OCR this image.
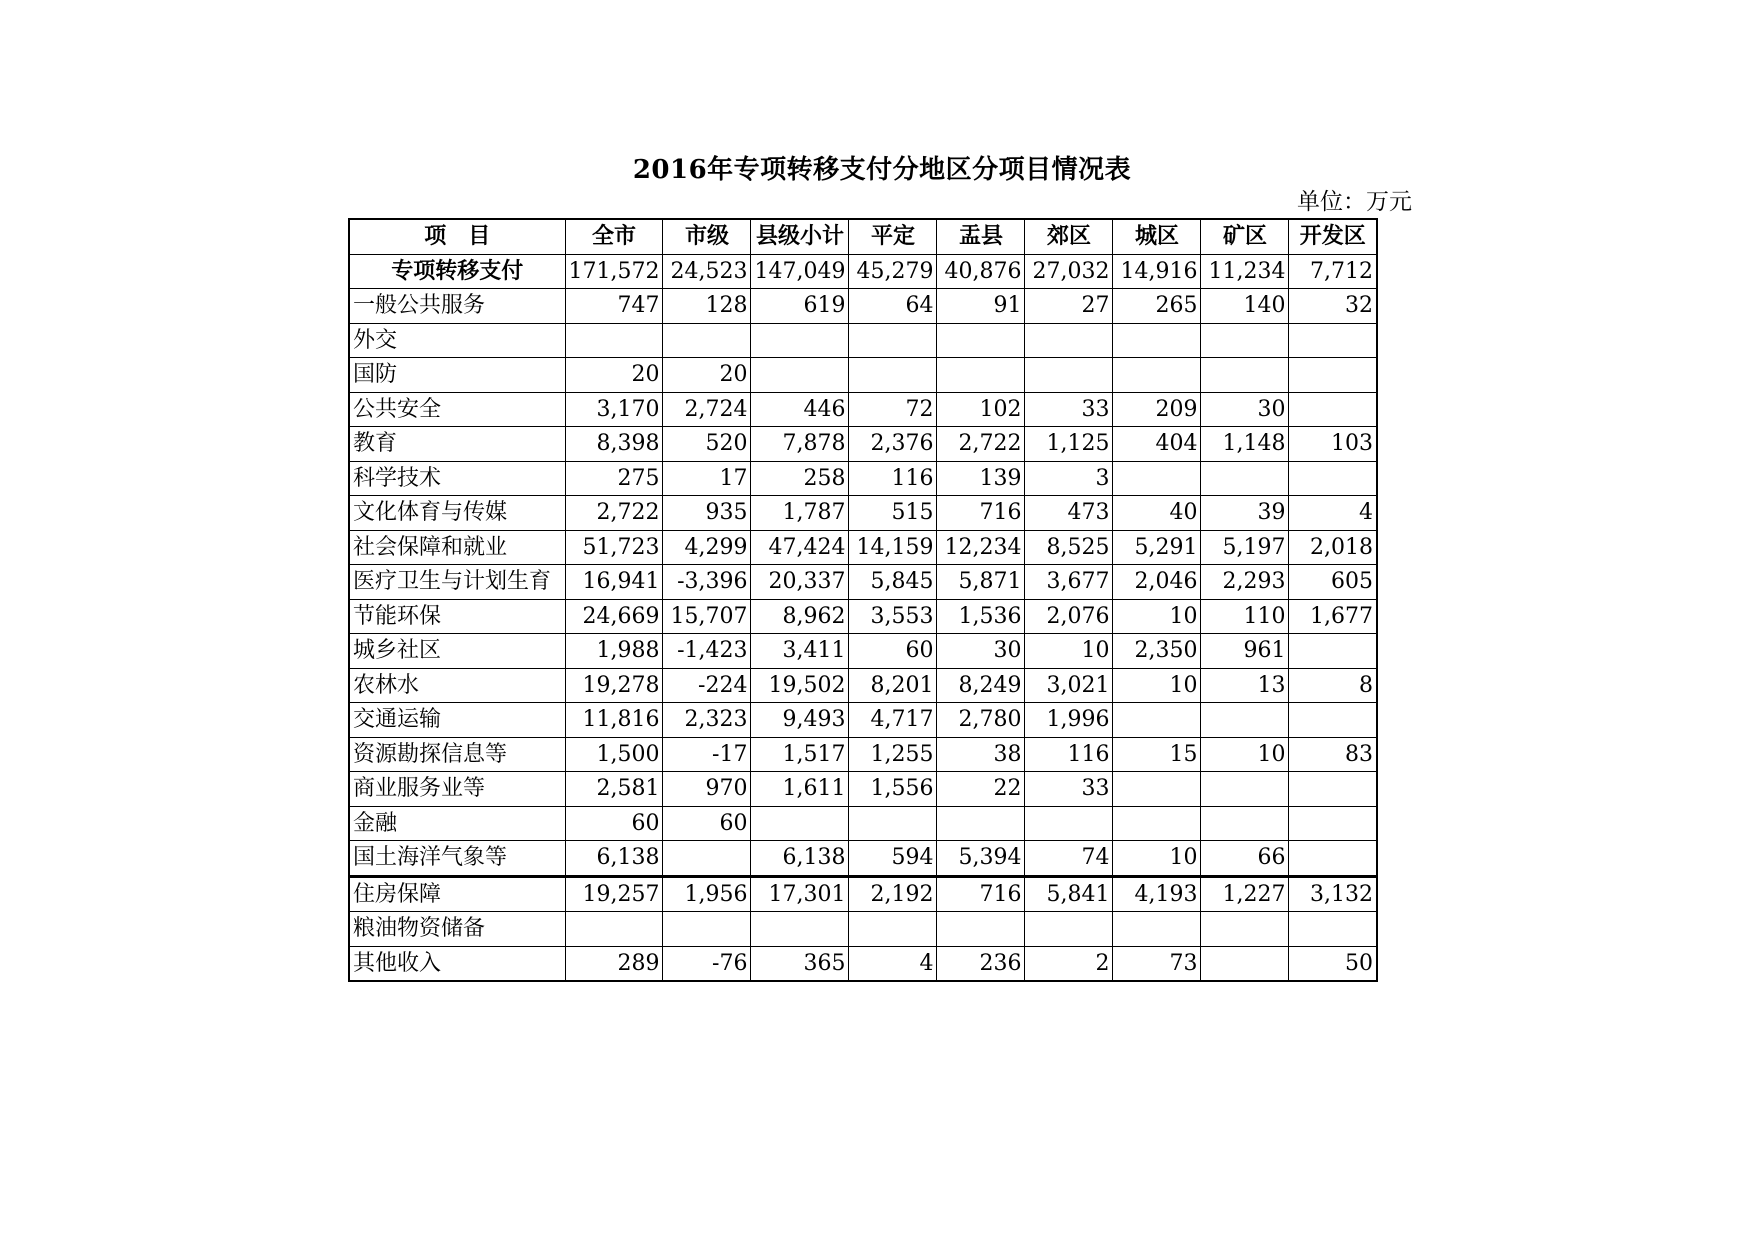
2016年专项转移支付分地区分项目情况表
单位：万元
项　目	全市	市级	县级小计	平定	盂县	郊区	城区	矿区	开发区
专项转移支付	171,572	24,523	147,049	45,279	40,876	27,032	14,916	11,234	7,712
一般公共服务	747	128	619	64	91	27	265	140	32
外交									
国防	20	20							
公共安全	3,170	2,724	446	72	102	33	209	30	
教育	8,398	520	7,878	2,376	2,722	1,125	404	1,148	103
科学技术	275	17	258	116	139	3			
文化体育与传媒	2,722	935	1,787	515	716	473	40	39	4
社会保障和就业	51,723	4,299	47,424	14,159	12,234	8,525	5,291	5,197	2,018
医疗卫生与计划生育	16,941	-3,396	20,337	5,845	5,871	3,677	2,046	2,293	605
节能环保	24,669	15,707	8,962	3,553	1,536	2,076	10	110	1,677
城乡社区	1,988	-1,423	3,411	60	30	10	2,350	961	
农林水	19,278	-224	19,502	8,201	8,249	3,021	10	13	8
交通运输	11,816	2,323	9,493	4,717	2,780	1,996			
资源勘探信息等	1,500	-17	1,517	1,255	38	116	15	10	83
商业服务业等	2,581	970	1,611	1,556	22	33			
金融	60	60							
国土海洋气象等	6,138		6,138	594	5,394	74	10	66	
住房保障	19,257	1,956	17,301	2,192	716	5,841	4,193	1,227	3,132
粮油物资储备									
其他收入	289	-76	365	4	236	2	73		50
